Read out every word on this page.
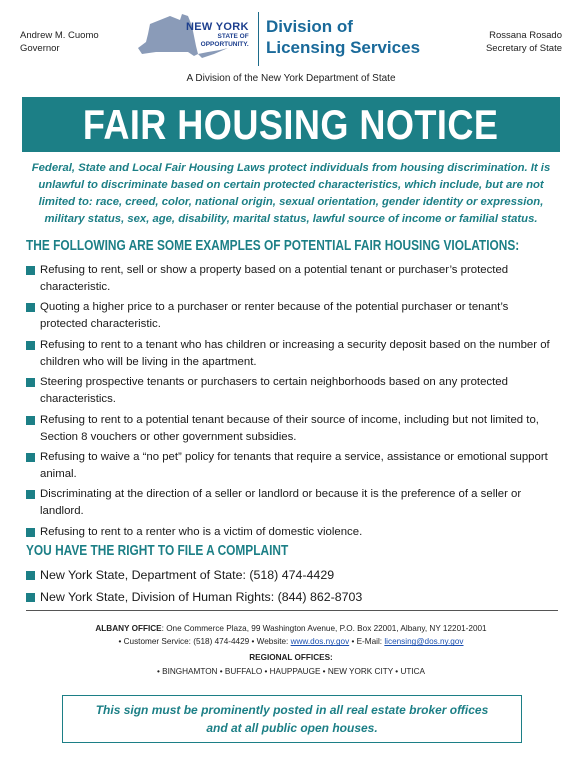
Andrew M. Cuomo
Governor
NEW YORK
STATE OF
OPPORTUNITY.
Division of
Licensing Services
Rossana Rosado
Secretary of State
A Division of the New York Department of State
FAIR HOUSING NOTICE

Federal, State and Local Fair Housing Laws protect individuals from housing discrimination. It is unlawful to discriminate based on certain protected characteristics, which include, but are not limited to: race, creed, color, national origin, sexual orientation, gender identity or expression, military status, sex, age, disability, marital status, lawful source of income or familial status.

THE FOLLOWING ARE SOME EXAMPLES OF POTENTIAL FAIR HOUSING VIOLATIONS:
Refusing to rent, sell or show a property based on a potential tenant or purchaser’s protected characteristic.
Quoting a higher price to a purchaser or renter because of the potential purchaser or tenant’s protected characteristic.
Refusing to rent to a tenant who has children or increasing a security deposit based on the number of children who will be living in the apartment.
Steering prospective tenants or purchasers to certain neighborhoods based on any protected characteristics.
Refusing to rent to a potential tenant because of their source of income, including but not limited to, Section 8 vouchers or other government subsidies.
Refusing to waive a “no pet” policy for tenants that require a service, assistance or emotional support animal.
Discriminating at the direction of a seller or landlord or because it is the preference of a seller or landlord.
Refusing to rent to a renter who is a victim of domestic violence.
YOU HAVE THE RIGHT TO FILE A COMPLAINT
New York State, Department of State: (518) 474-4429
New York State, Division of Human Rights: (844) 862-8703
ALBANY OFFICE: One Commerce Plaza, 99 Washington Avenue, P.O. Box 22001, Albany, NY 12201-2001
• Customer Service: (518) 474-4429 • Website: www.dos.ny.gov • E-Mail: licensing@dos.ny.gov
REGIONAL OFFICES:
• BINGHAMTON • BUFFALO • HAUPPAUGE • NEW YORK CITY • UTICA

This sign must be prominently posted in all real estate broker offices
and at all public open houses.
